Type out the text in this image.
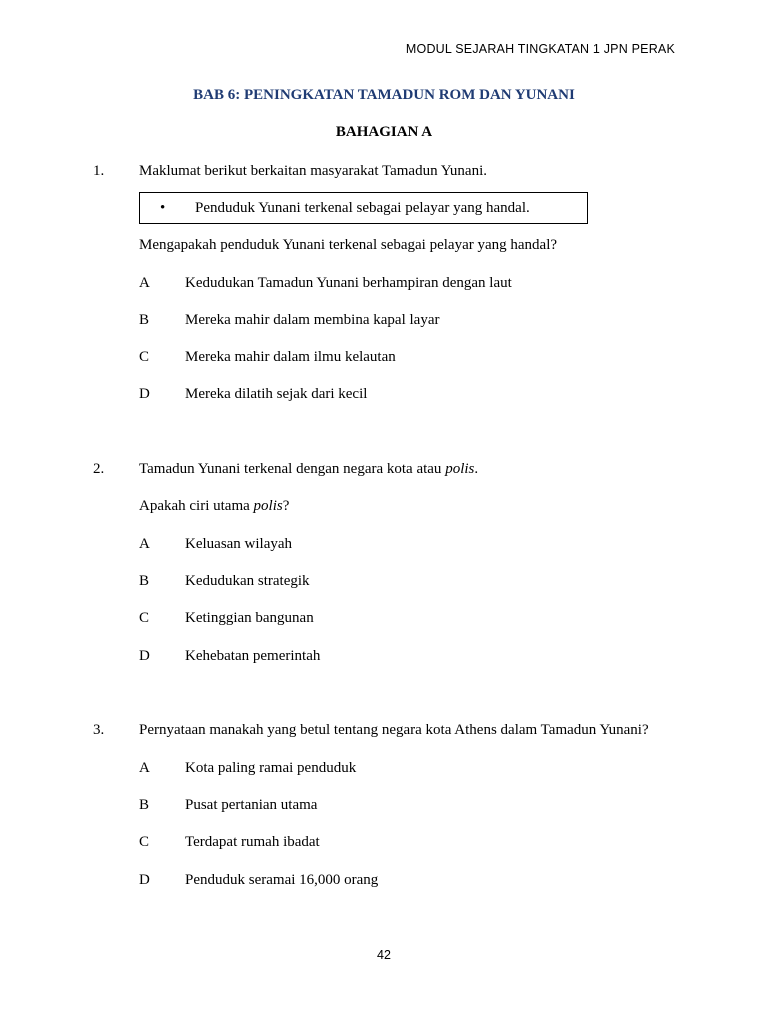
MODUL SEJARAH TINGKATAN 1 JPN PERAK
BAB 6: PENINGKATAN TAMADUN ROM DAN YUNANI
BAHAGIAN A
1. Maklumat berikut berkaitan masyarakat Tamadun Yunani.
• Penduduk Yunani terkenal sebagai pelayar yang handal.
Mengapakah penduduk Yunani terkenal sebagai pelayar yang handal?
A Kedudukan Tamadun Yunani berhampiran dengan laut
B Mereka mahir dalam membina kapal layar
C Mereka mahir dalam ilmu kelautan
D Mereka dilatih sejak dari kecil
2. Tamadun Yunani terkenal dengan negara kota atau polis.
Apakah ciri utama polis?
A Keluasan wilayah
B Kedudukan strategik
C Ketinggian bangunan
D Kehebatan pemerintah
3. Pernyataan manakah yang betul tentang negara kota Athens dalam Tamadun Yunani?
A Kota paling ramai penduduk
B Pusat pertanian utama
C Terdapat rumah ibadat
D Penduduk seramai 16,000 orang
42
